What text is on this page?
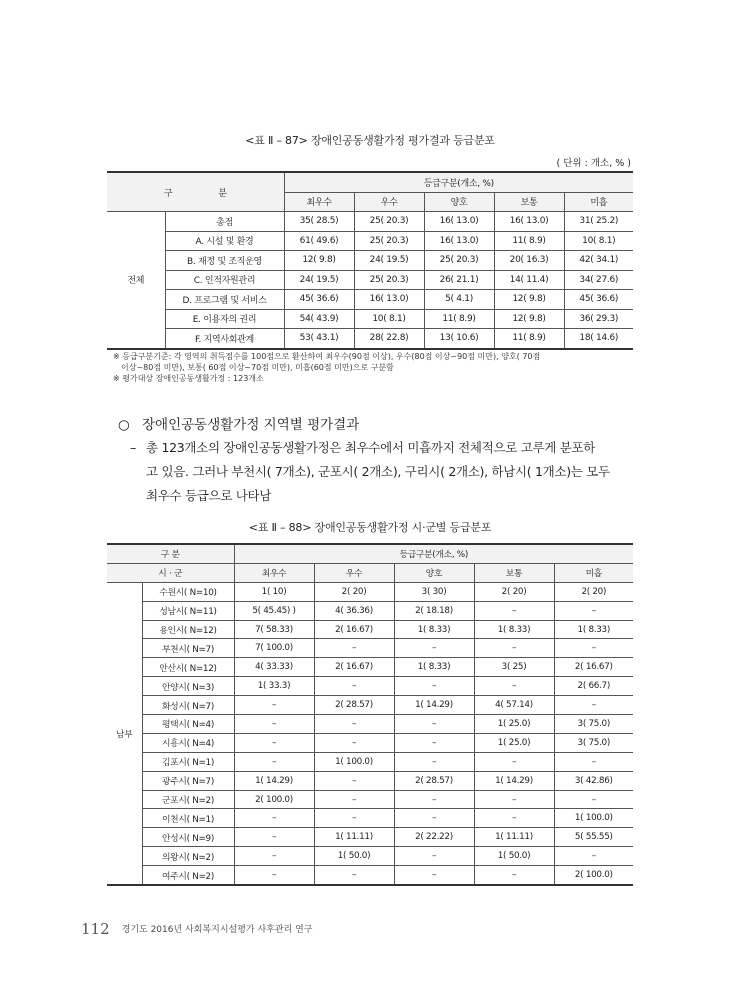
<표 Ⅱ – 87> 장애인공동생활가정 평가결과 등급분포
( 단위 : 개소, % )
구 분		등급구분(개소, %)				
		최우수	우수	양호	보통	미흡
전체	총점	35( 28.5)	25( 20.3)	16( 13.0)	16( 13.0)	31( 25.2)
	A. 시설 및 환경	61( 49.6)	25( 20.3)	16( 13.0)	11( 8.9)	10( 8.1)
	B. 재정 및 조직운영	12( 9.8)	24( 19.5)	25( 20.3)	20( 16.3)	42( 34.1)
	C. 인적자원관리	24( 19.5)	25( 20.3)	26( 21.1)	14( 11.4)	34( 27.6)
	D. 프로그램 및 서비스	45( 36.6)	16( 13.0)	5( 4.1)	12( 9.8)	45( 36.6)
	E. 이용자의 권리	54( 43.9)	10( 8.1)	11( 8.9)	12( 9.8)	36( 29.3)
	F. 지역사회관계	53( 43.1)	28( 22.8)	13( 10.6)	11( 8.9)	18( 14.6)
※ 등급구분기준: 각 영역의 취득점수를 100점으로 환산하여 최우수(90점 이상), 우수(80점 이상~90점 미만), 양호( 70점
이상~80점 미만), 보통( 60점 이상~70점 미만), 미흡(60점 미만)으로 구분함
※ 평가대상 장애인공동생활가정 : 123개소
○ 장애인공동생활가정 지역별 평가결과
– 총 123개소의 장애인공동생활가정은 최우수에서 미흡까지 전체적으로 고루게 분포하
고 있음. 그러나 부천시( 7개소), 군포시( 2개소), 구리시( 2개소), 하남시( 1개소)는 모두
최우수 등급으로 나타남
<표 Ⅱ – 88> 장애인공동생활가정 시·군별 등급분포
구 분		등급구분(개소, %)				
시 · 군		최우수	우수	양호	보통	미흡
남부	수원시( N=10)	1( 10)	2( 20)	3( 30)	2( 20)	2( 20)
	성남시( N=11)	5( 45.45) )	4( 36.36)	2( 18.18)	–	–
	용인시( N=12)	7( 58.33)	2( 16.67)	1( 8.33)	1( 8.33)	1( 8.33)
	부천시( N=7)	7( 100.0)	–	–	–	–
	안산시( N=12)	4( 33.33)	2( 16.67)	1( 8.33)	3( 25)	2( 16.67)
	안양시( N=3)	1( 33.3)	–	–	–	2( 66.7)
	화성시( N=7)	–	2( 28.57)	1( 14.29)	4( 57.14)	–
	평택시( N=4)	–	–	–	1( 25.0)	3( 75.0)
	시흥시( N=4)	–	–	–	1( 25.0)	3( 75.0)
	김포시( N=1)	–	1( 100.0)	–	–	–
	광주시( N=7)	1( 14.29)	–	2( 28.57)	1( 14.29)	3( 42.86)
	군포시( N=2)	2( 100.0)	–	–	–	–
	이천시( N=1)	–	–	–	–	1( 100.0)
	안성시( N=9)	–	1( 11.11)	2( 22.22)	1( 11.11)	5( 55.55)
	의왕시( N=2)	–	1( 50.0)	–	1( 50.0)	–
	여주시( N=2)	–	–	–	–	2( 100.0)
112 경기도 2016년 사회복지시설평가 사후관리 연구
